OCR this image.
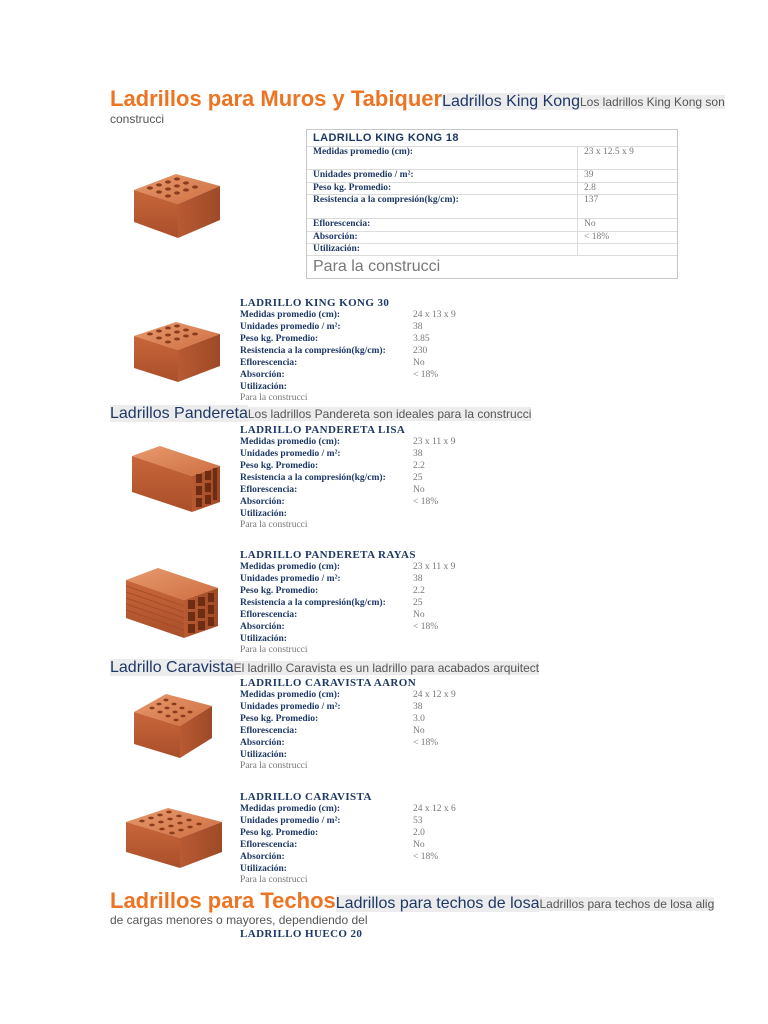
Ladrillos para Muros y TabiquerLadrillos King KongLos ladrillos King Kong son
construcci
LADRILLO KING KONG 18
Medidas promedio (cm):	23 x 12.5 x 9
Unidades promedio / m²:	39
Peso kg. Promedio:	2.8
Resistencia a la compresión(kg/cm):	137
Eflorescencia:	No
Absorción:	< 18%
Utilización:	
Para la construcci
LADRILLO KING KONG 30
Medidas promedio (cm):	24 x 13 x 9
Unidades promedio / m²:	38
Peso kg. Promedio:	3.85
Resistencia a la compresión(kg/cm):	230
Eflorescencia:	No
Absorción:	< 18%
Utilización:	
Para la construcci
Ladrillos PanderetaLos ladrillos Pandereta son ideales para la construcci
LADRILLO PANDERETA LISA
Medidas promedio (cm):	23 x 11 x 9
Unidades promedio / m²:	38
Peso kg. Promedio:	2.2
Resistencia a la compresión(kg/cm):	25
Eflorescencia:	No
Absorción:	< 18%
Utilización:	
Para la construcci
LADRILLO PANDERETA RAYAS
Medidas promedio (cm):	23 x 11 x 9
Unidades promedio / m²:	38
Peso kg. Promedio:	2.2
Resistencia a la compresión(kg/cm):	25
Eflorescencia:	No
Absorción:	< 18%
Utilización:	
Para la construcci
Ladrillo CaravistaEl ladrillo Caravista es un ladrillo para acabados arquitect
LADRILLO CARAVISTA AARON
Medidas promedio (cm):	24 x 12 x 9
Unidades promedio / m²:	38
Peso kg. Promedio:	3.0
Eflorescencia:	No
Absorción:	< 18%
Utilización:	
Para la construcci
LADRILLO CARAVISTA
Medidas promedio (cm):	24 x 12 x 6
Unidades promedio / m²:	53
Peso kg. Promedio:	2.0
Eflorescencia:	No
Absorción:	< 18%
Utilización:	
Para la construcci
Ladrillos para TechosLadrillos para techos de losaLadrillos para techos de losa alig
de cargas menores o mayores, dependiendo del
LADRILLO HUECO 20
